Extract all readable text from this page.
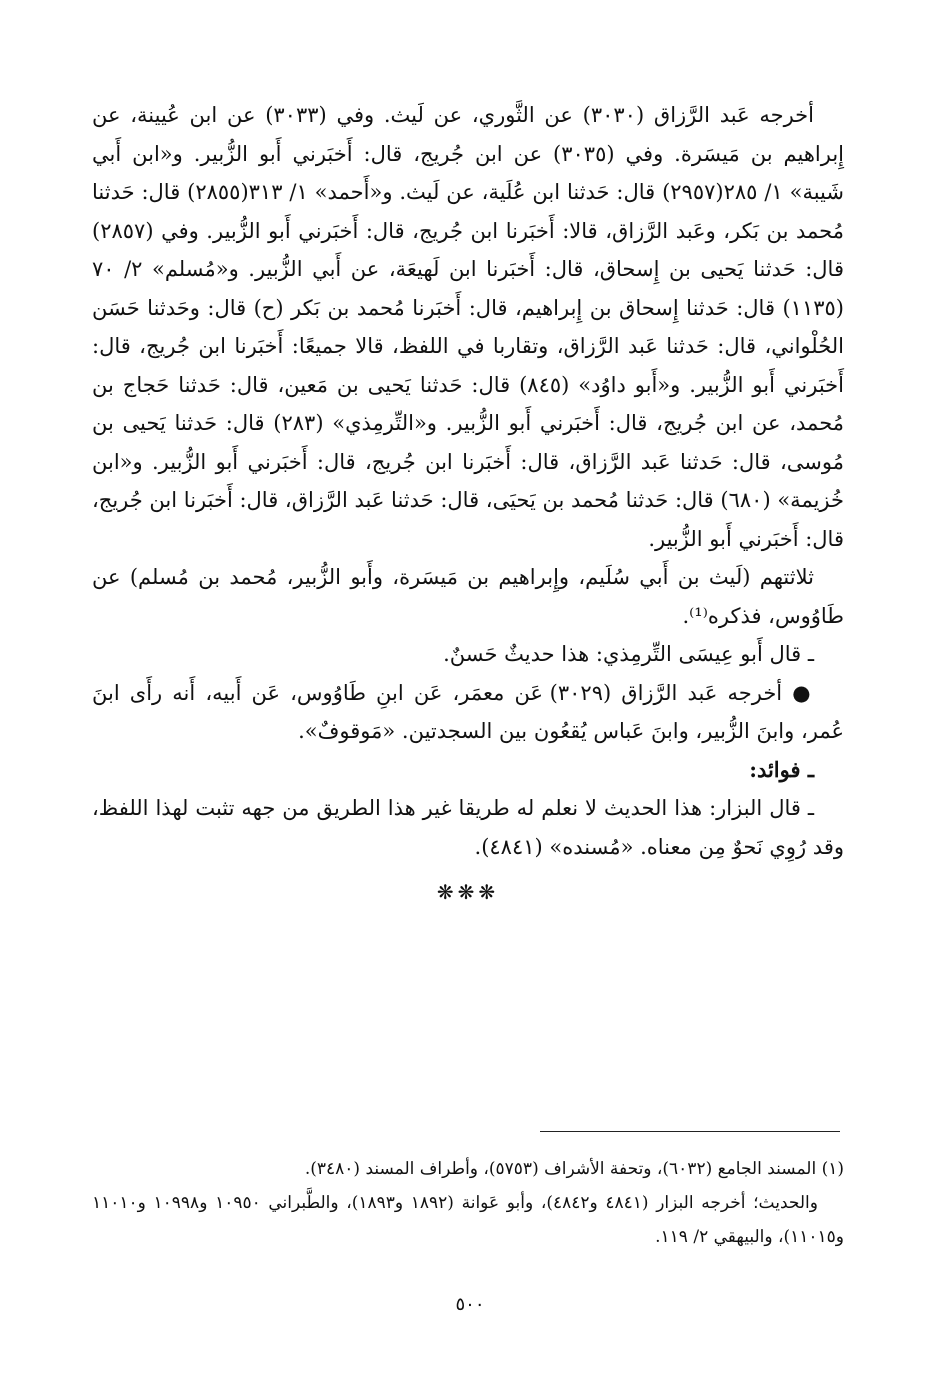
أخرجه عَبد الرَّزاق (٣٠٣٠) عن الثَّوري، عن لَيث. وفي (٣٠٣٣) عن ابن عُيينة، عن إِبراهيم بن مَيسَرة. وفي (٣٠٣٥) عن ابن جُريج، قال: أَخبَرني أَبو الزُّبير. و«ابن أَبي شَيبة» ١/ ٢٨٥(٢٩٥٧) قال: حَدثنا ابن عُلَية، عن لَيث. و«أَحمد» ١/ ٣١٣(٢٨٥٥) قال: حَدثنا مُحمد بن بَكر، وعَبد الرَّزاق، قالا: أَخبَرنا ابن جُريج، قال: أَخبَرني أَبو الزُّبير. وفي (٢٨٥٧) قال: حَدثنا يَحيى بن إِسحاق، قال: أَخبَرنا ابن لَهيعَة، عن أَبي الزُّبير. و«مُسلم» ٢/ ٧٠ (١١٣٥) قال: حَدثنا إِسحاق بن إِبراهيم، قال: أَخبَرنا مُحمد بن بَكر (ح) قال: وحَدثنا حَسَن الحُلْواني، قال: حَدثنا عَبد الرَّزاق، وتقاربا في اللفظ، قالا جميعًا: أَخبَرنا ابن جُريج، قال: أَخبَرني أَبو الزُّبير. و«أَبو داوُد» (٨٤٥) قال: حَدثنا يَحيى بن مَعين، قال: حَدثنا حَجاج بن مُحمد، عن ابن جُريج، قال: أَخبَرني أَبو الزُّبير. و«التِّرمِذي» (٢٨٣) قال: حَدثنا يَحيى بن مُوسى، قال: حَدثنا عَبد الرَّزاق، قال: أَخبَرنا ابن جُريج، قال: أَخبَرني أَبو الزُّبير. و«ابن خُزيمة» (٦٨٠) قال: حَدثنا مُحمد بن يَحيَى، قال: حَدثنا عَبد الرَّزاق، قال: أَخبَرنا ابن جُريج، قال: أَخبَرني أَبو الزُّبير.

ثلاثتهم (لَيث بن أَبي سُلَيم، وإِبراهيم بن مَيسَرة، وأَبو الزُّبير، مُحمد بن مُسلم) عن طَاوُوس، فذكره⁽¹⁾.

ـ قال أَبو عِيسَى التِّرمِذي: هذا حديثٌ حَسنٌ.

● أخرجه عَبد الرَّزاق (٣٠٢٩) عَن معمَر، عَن ابنِ طَاوُوس، عَن أَبيه، أَنه رأَى ابنَ عُمر، وابنَ الزُّبير، وابنَ عَباس يُقعُون بين السجدتين. «مَوقوفٌ».

ـ فوائد:

ـ قال البزار: هذا الحديث لا نعلم له طريقا غير هذا الطريق من جهه تثبت لهذا اللفظ، وقد رُوِي نَحوٌ مِن معناه. «مُسنده» (٤٨٤١).

❋❋❋

(١) المسند الجامع (٦٠٣٢)، وتحفة الأشراف (٥٧٥٣)، وأطراف المسند (٣٤٨٠).

والحديث؛ أخرجه البزار (٤٨٤١ و٤٨٤٢)، وأبو عَوانة (١٨٩٢ و١٨٩٣)، والطَّبراني ١٠٩٥٠ و١٠٩٩٨ و١١٠١٠ و١١٠١٥)، والبيهقي ٢/ ١١٩.

٥٠٠
